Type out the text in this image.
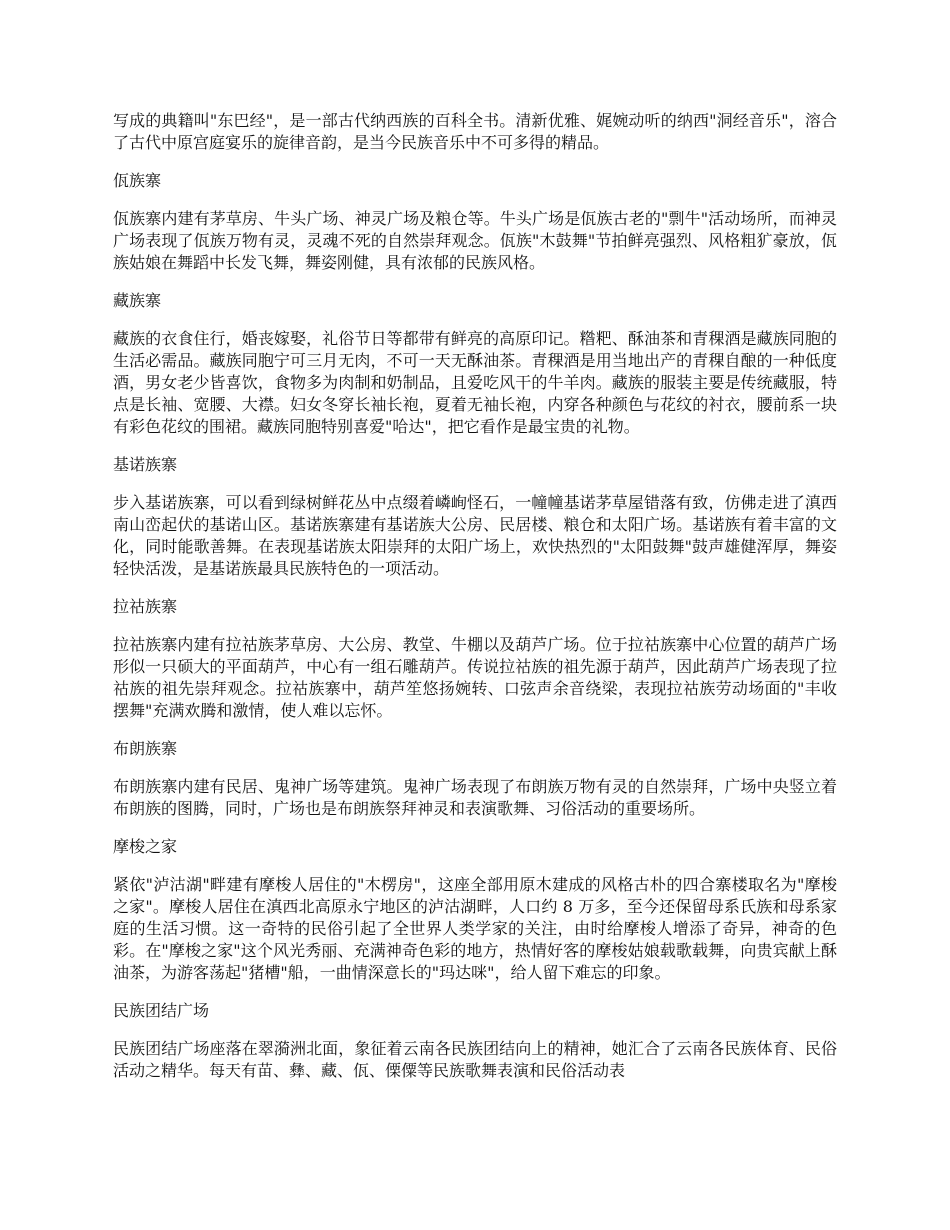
写成的典籍叫"东巴经"，是一部古代纳西族的百科全书。清新优雅、娓婉动听的纳西"洞经音乐"，溶合了古代中原宫庭宴乐的旋律音韵，是当今民族音乐中不可多得的精品。

佤族寨

佤族寨内建有茅草房、牛头广场、神灵广场及粮仓等。牛头广场是佤族古老的"剽牛"活动场所，而神灵广场表现了佤族万物有灵，灵魂不死的自然崇拜观念。佤族"木鼓舞"节拍鲜亮强烈、风格粗犷豪放，佤族姑娘在舞蹈中长发飞舞，舞姿刚健，具有浓郁的民族风格。

藏族寨

藏族的衣食住行，婚丧嫁娶，礼俗节日等都带有鲜亮的高原印记。糌粑、酥油茶和青稞酒是藏族同胞的生活必需品。藏族同胞宁可三月无肉，不可一天无酥油茶。青稞酒是用当地出产的青稞自酿的一种低度酒，男女老少皆喜饮，食物多为肉制和奶制品，且爱吃风干的牛羊肉。藏族的服装主要是传统藏服，特点是长袖、宽腰、大襟。妇女冬穿长袖长袍，夏着无袖长袍，内穿各种颜色与花纹的衬衣，腰前系一块有彩色花纹的围裙。藏族同胞特别喜爱"哈达"，把它看作是最宝贵的礼物。

基诺族寨

步入基诺族寨，可以看到绿树鲜花丛中点缀着嶙峋怪石，一幢幢基诺茅草屋错落有致，仿佛走进了滇西南山峦起伏的基诺山区。基诺族寨建有基诺族大公房、民居楼、粮仓和太阳广场。基诺族有着丰富的文化，同时能歌善舞。在表现基诺族太阳崇拜的太阳广场上，欢快热烈的"太阳鼓舞"鼓声雄健浑厚，舞姿轻快活泼，是基诺族最具民族特色的一项活动。

拉祜族寨

拉祜族寨内建有拉祜族茅草房、大公房、教堂、牛棚以及葫芦广场。位于拉祜族寨中心位置的葫芦广场形似一只硕大的平面葫芦，中心有一组石雕葫芦。传说拉祜族的祖先源于葫芦，因此葫芦广场表现了拉祜族的祖先崇拜观念。拉祜族寨中，葫芦笙悠扬婉转、口弦声余音绕梁，表现拉祜族劳动场面的"丰收摆舞"充满欢腾和激情，使人难以忘怀。

布朗族寨

布朗族寨内建有民居、鬼神广场等建筑。鬼神广场表现了布朗族万物有灵的自然崇拜，广场中央竖立着布朗族的图腾，同时，广场也是布朗族祭拜神灵和表演歌舞、习俗活动的重要场所。

摩梭之家

紧依"泸沽湖"畔建有摩梭人居住的"木楞房"，这座全部用原木建成的风格古朴的四合寨楼取名为"摩梭之家"。摩梭人居住在滇西北高原永宁地区的泸沽湖畔，人口约 8 万多，至今还保留母系氏族和母系家庭的生活习惯。这一奇特的民俗引起了全世界人类学家的关注，由时给摩梭人增添了奇异，神奇的色彩。在"摩梭之家"这个风光秀丽、充满神奇色彩的地方，热情好客的摩梭姑娘载歌载舞，向贵宾献上酥油茶，为游客荡起"猪槽"船，一曲情深意长的"玛达咪"，给人留下难忘的印象。

民族团结广场

民族团结广场座落在翠漪洲北面，象征着云南各民族团结向上的精神，她汇合了云南各民族体育、民俗活动之精华。每天有苗、彝、藏、佤、傈僳等民族歌舞表演和民俗活动表
